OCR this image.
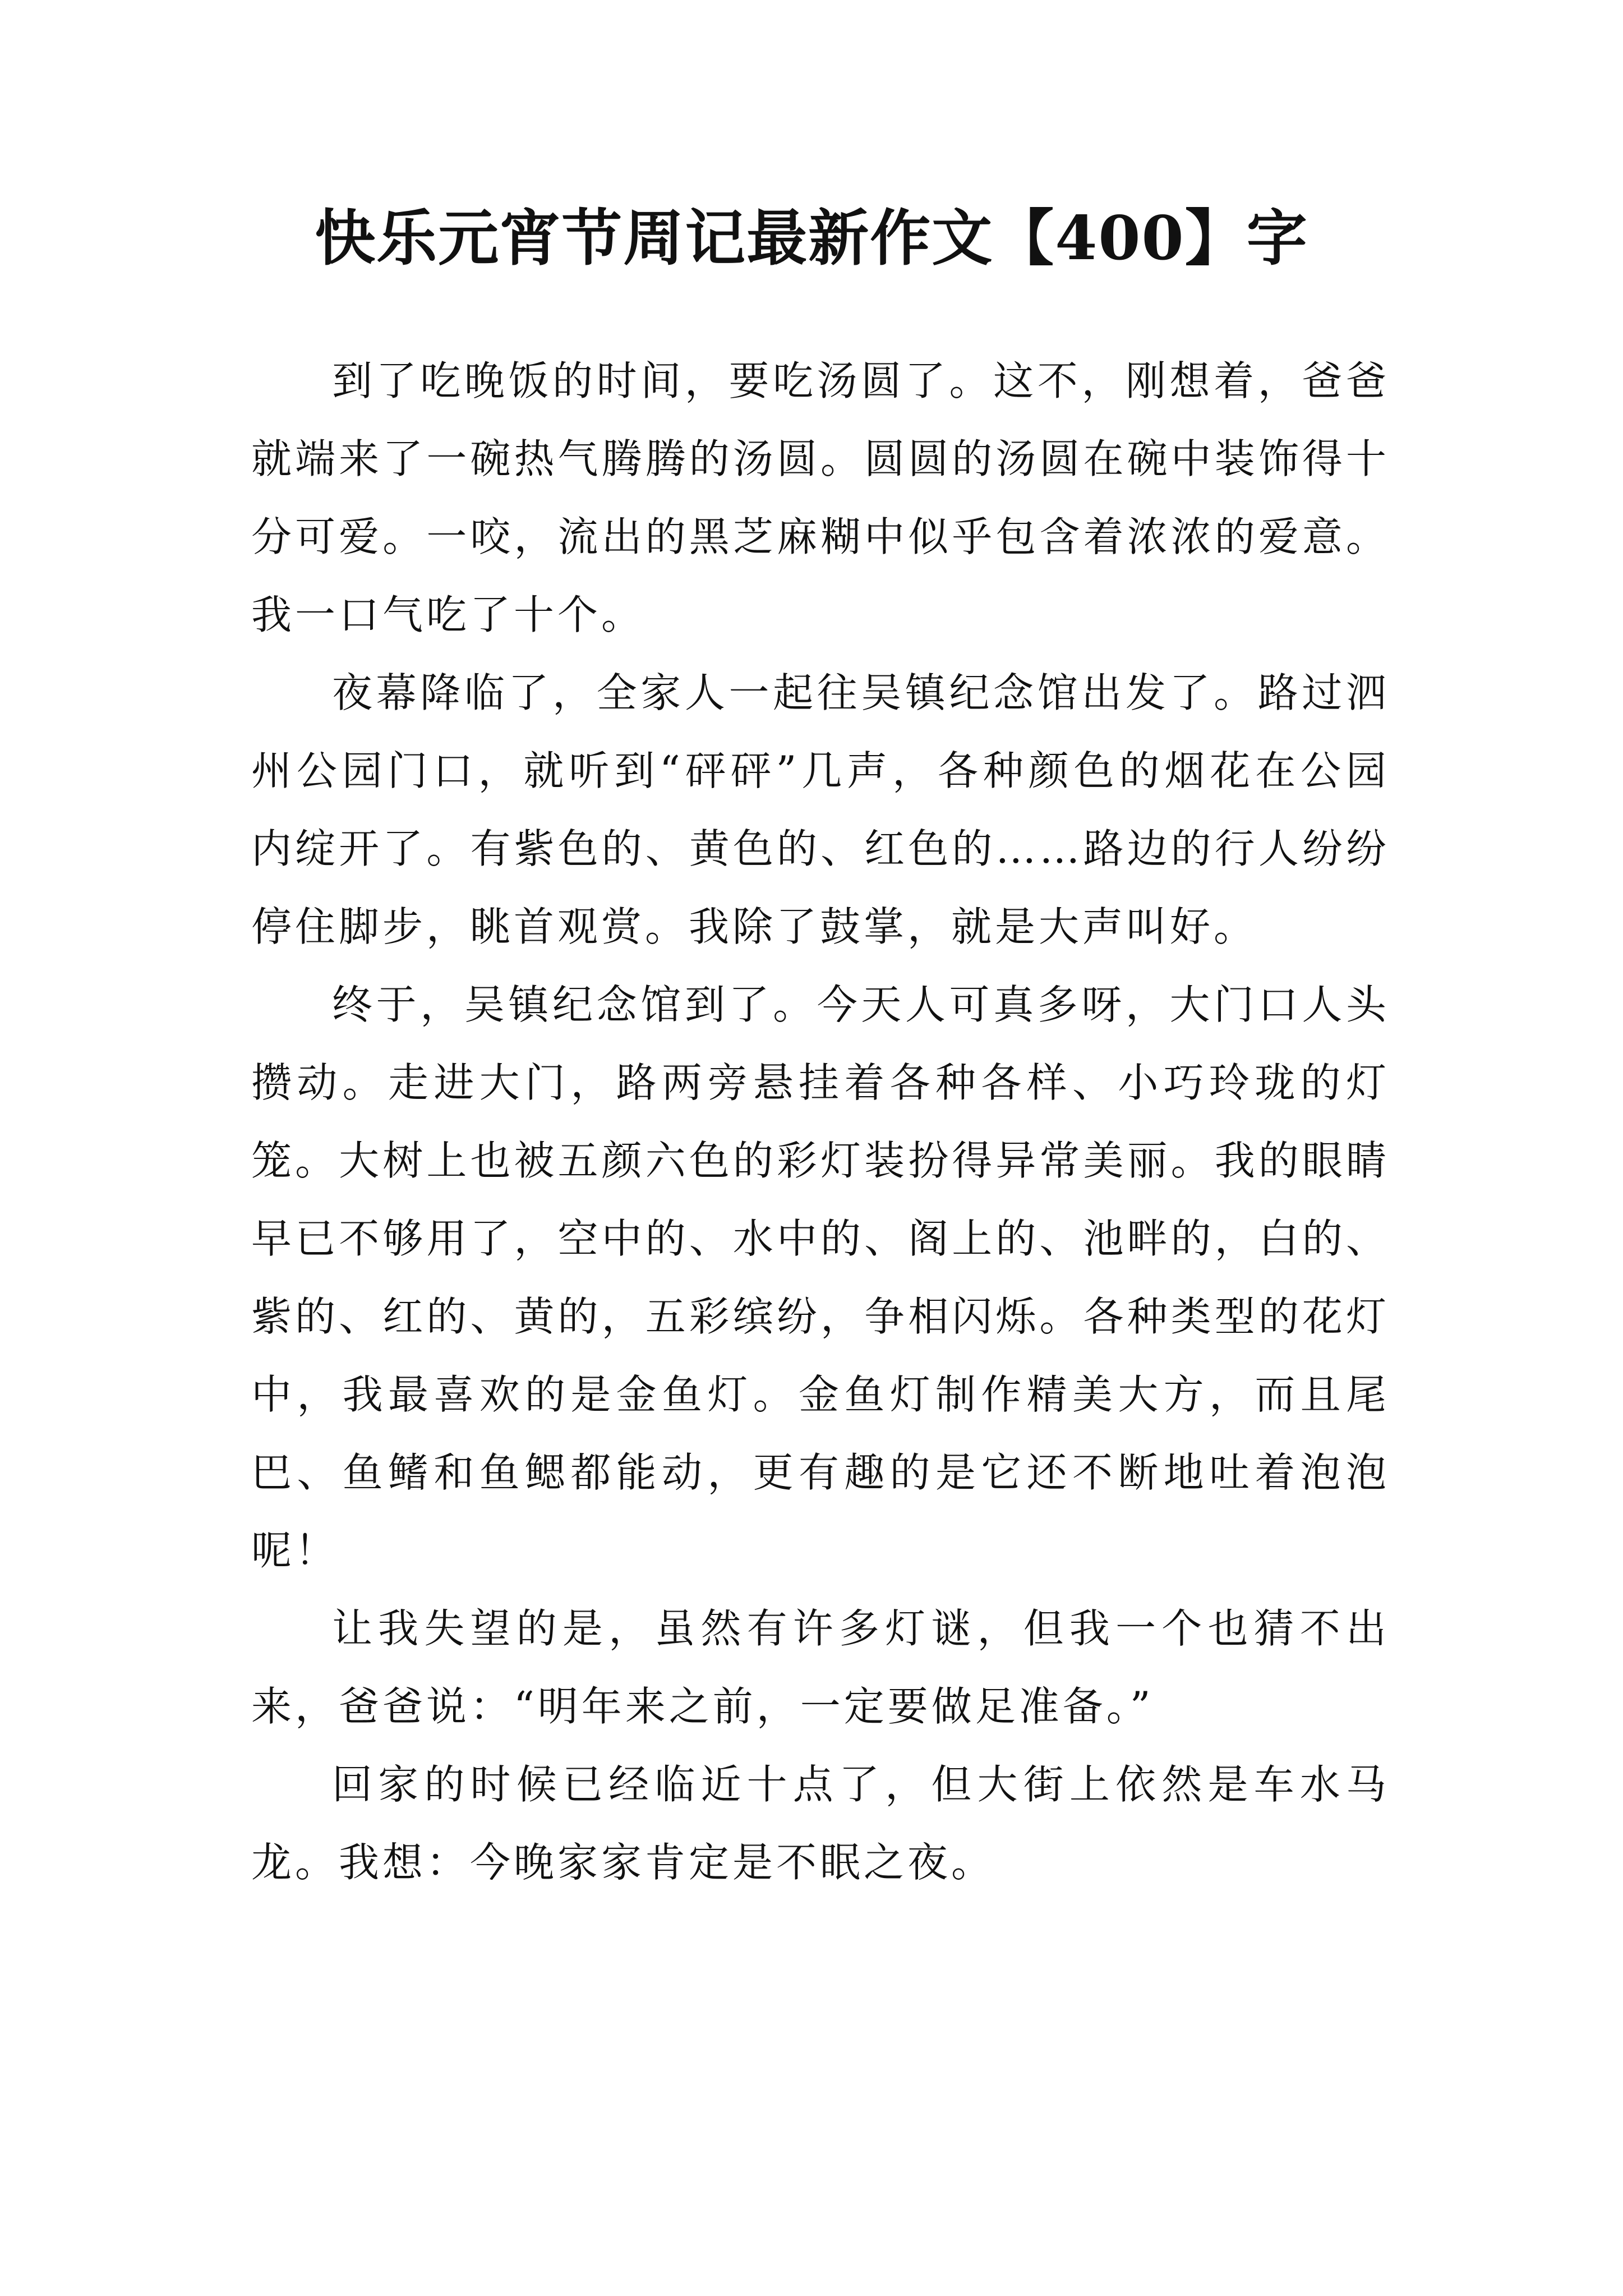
快乐元宵节周记最新作文【400】字

到了吃晚饭的时间，要吃汤圆了。这不，刚想着，爸爸就端来了一碗热气腾腾的汤圆。圆圆的汤圆在碗中装饰得十分可爱。一咬，流出的黑芝麻糊中似乎包含着浓浓的爱意。我一口气吃了十个。

夜幕降临了，全家人一起往吴镇纪念馆出发了。路过泗州公园门口，就听到“砰砰”几声，各种颜色的烟花在公园内绽开了。有紫色的、黄色的、红色的……路边的行人纷纷停住脚步，眺首观赏。我除了鼓掌，就是大声叫好。

终于，吴镇纪念馆到了。今天人可真多呀，大门口人头攒动。走进大门，路两旁悬挂着各种各样、小巧玲珑的灯笼。大树上也被五颜六色的彩灯装扮得异常美丽。我的眼睛早已不够用了，空中的、水中的、阁上的、池畔的，白的、紫的、红的、黄的，五彩缤纷，争相闪烁。各种类型的花灯中，我最喜欢的是金鱼灯。金鱼灯制作精美大方，而且尾巴、鱼鳍和鱼鳃都能动，更有趣的是它还不断地吐着泡泡呢！

让我失望的是，虽然有许多灯谜，但我一个也猜不出来，爸爸说：“明年来之前，一定要做足准备。”

回家的时候已经临近十点了，但大街上依然是车水马龙。我想：今晚家家肯定是不眠之夜。
